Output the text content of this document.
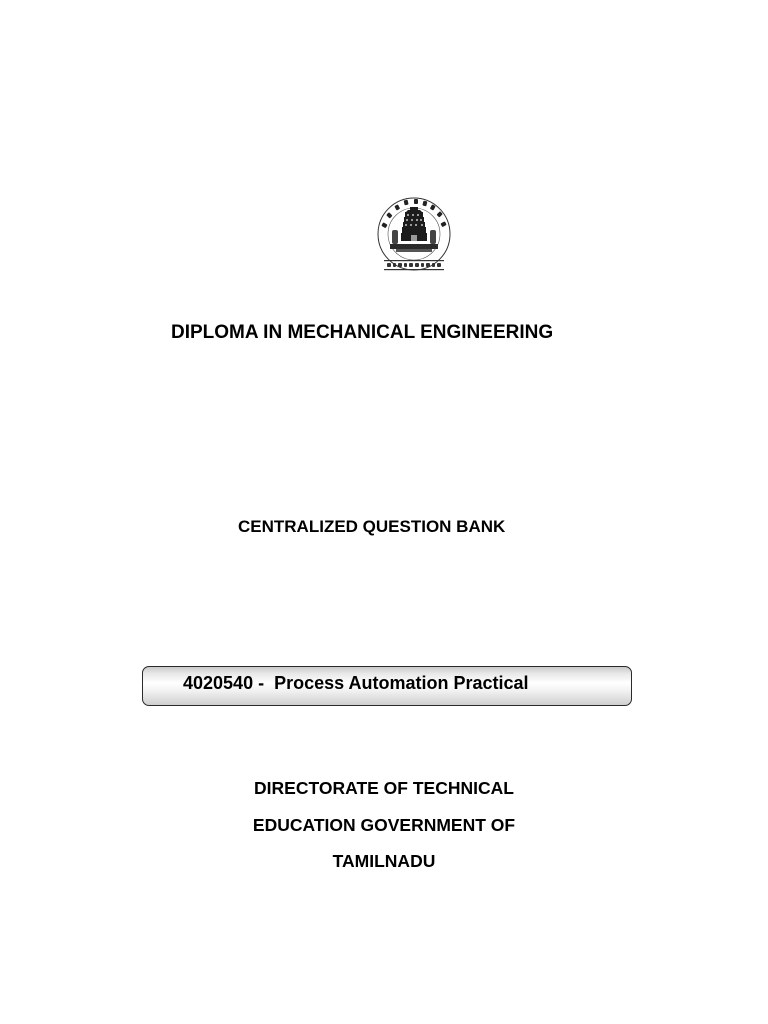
DIPLOMA IN MECHANICAL ENGINEERING
CENTRALIZED QUESTION BANK
4020540 - Process Automation Practical
DIRECTORATE OF TECHNICAL
EDUCATION GOVERNMENT OF
TAMILNADU
